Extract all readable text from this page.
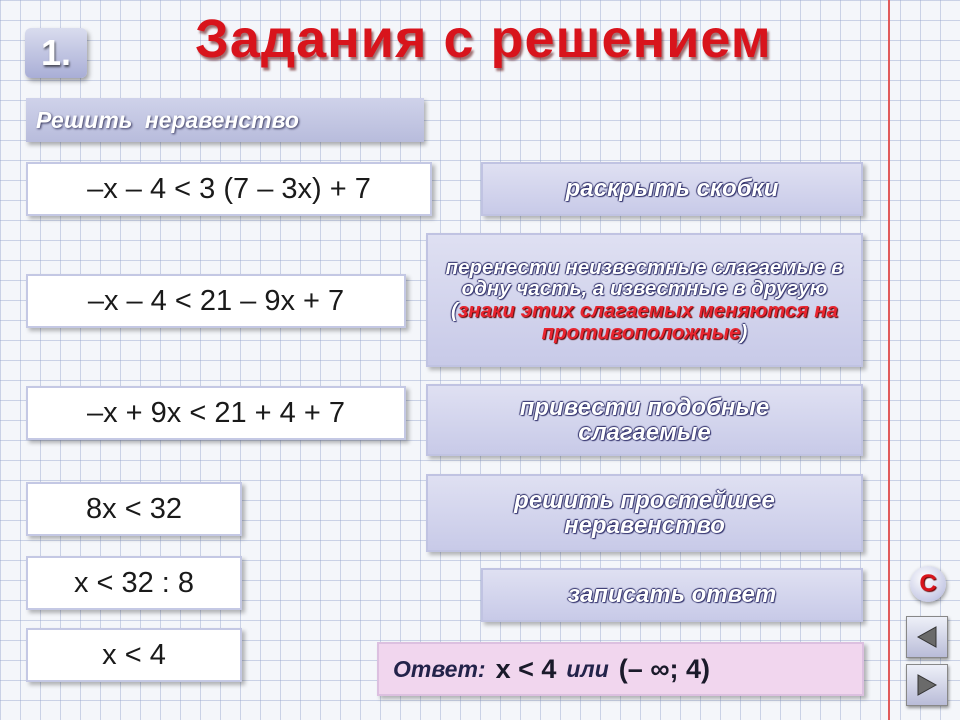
1. Задания с решением
Решить неравенство
–x – 4 < 3 (7 – 3x) + 7
–x – 4 < 21 – 9x + 7
–x + 9x < 21 + 4 + 7
8x < 32
x < 32 : 8
x < 4
раскрыть скобки
перенести неизвестные слагаемые в одну часть, а известные в другую (знаки этих слагаемых меняются на противоположные)
привести подобные слагаемые
решить простейшее неравенство
записать ответ
Ответ: x < 4 или (– ∞; 4)
С
